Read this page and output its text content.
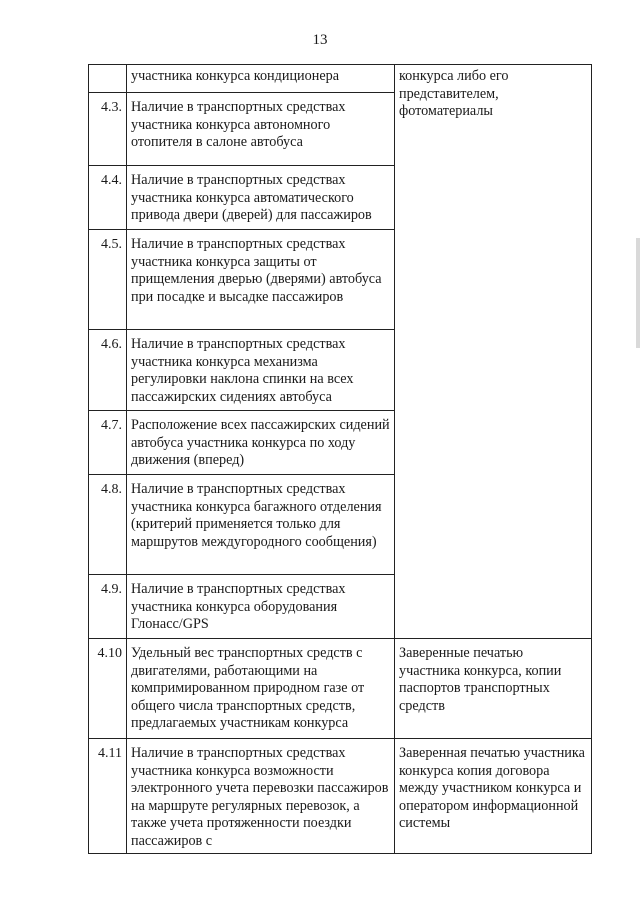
13
	участника конкурса кондиционера	конкурса либо его представителем, фотоматериалы
4.3.	Наличие в транспортных средствах участника конкурса автономного отопителя в салоне автобуса	
4.4.	Наличие в транспортных средствах участника конкурса автоматического привода двери (дверей) для пассажиров	
4.5.	Наличие в транспортных средствах участника конкурса защиты от прищемления дверью (дверями) автобуса при посадке и высадке пассажиров	
4.6.	Наличие в транспортных средствах участника конкурса механизма регулировки наклона спинки на всех пассажирских сидениях автобуса	
4.7.	Расположение всех пассажирских сидений автобуса участника конкурса по ходу движения (вперед)	
4.8.	Наличие в транспортных средствах участника конкурса багажного отделения (критерий применяется только для маршрутов междугородного сообщения)	
4.9.	Наличие в транспортных средствах участника конкурса оборудования Глонасс/GPS	
4.10	Удельный вес транспортных средств с двигателями, работающими на компримированном природном газе от общего числа транспортных средств, предлагаемых участникам конкурса	Заверенные печатью участника конкурса, копии паспортов транспортных средств
4.11	Наличие в транспортных средствах участника конкурса возможности электронного учета перевозки пассажиров на маршруте регулярных перевозок, а также учета протяженности поездки пассажиров с	Заверенная печатью участника конкурса копия договора между участником конкурса и оператором информационной системы
